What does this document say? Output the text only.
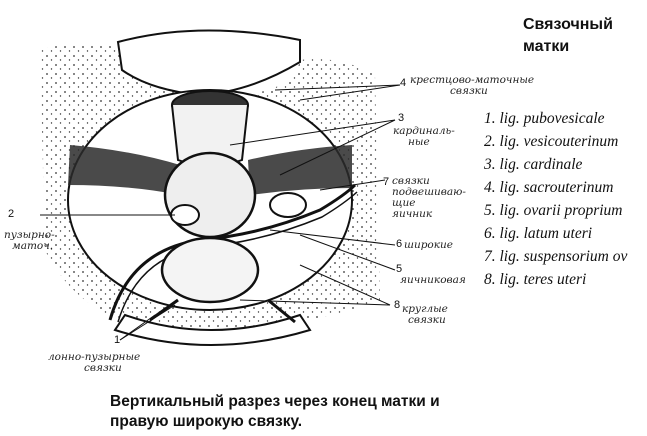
4
3
7
6
5
8
2
1
крестцово-маточные
связки
кардиналь-
ные
связки
подвешиваю-
щие
яичник
широкие
яичниковая
круглые
связки
пузырно-
маточ.
лонно-пузырные
связки
Связочный
матки
1. lig. pubovesicale
2. lig. vesicouterinum
3. lig. cardinale
4. lig. sacrouterinum
5. lig. ovarii proprium
6. lig. latum uteri
7. lig. suspensorium ov
8. lig. teres uteri
Вертикальный разрез через конец матки и
правую широкую связку.
